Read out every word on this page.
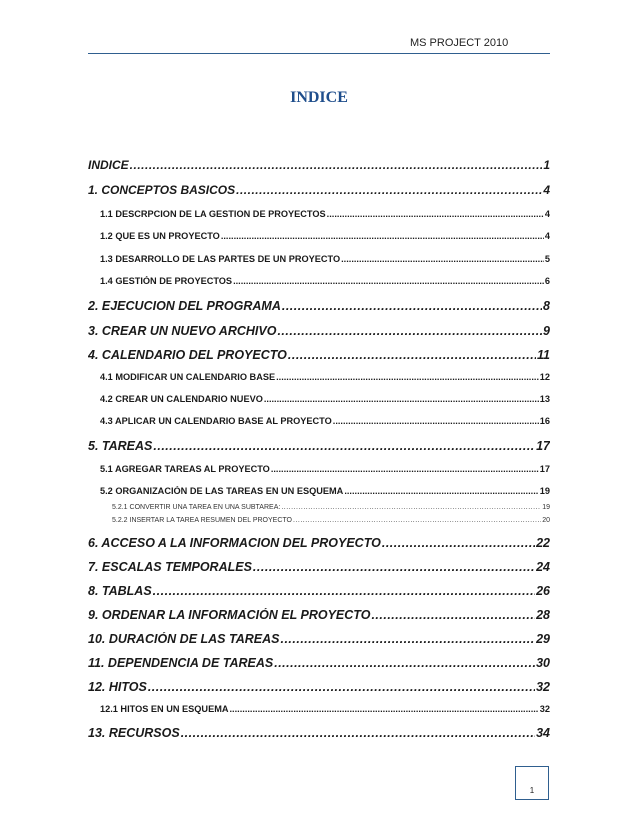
MS PROJECT 2010
INDICE
INDICE .....	1
1. CONCEPTOS BASICOS .....	4
1.1 DESCRPCION DE LA GESTION DE PROYECTOS .....	4
1.2 QUE ES UN PROYECTO .....	4
1.3 DESARROLLO DE LAS PARTES DE UN PROYECTO .....	5
1.4 GESTIÓN DE PROYECTOS .....	6
2. EJECUCION DEL PROGRAMA .....	8
3. CREAR UN NUEVO ARCHIVO .....	9
4. CALENDARIO DEL PROYECTO .....	11
4.1 MODIFICAR UN CALENDARIO BASE .....	12
4.2 CREAR UN CALENDARIO NUEVO .....	13
4.3 APLICAR UN CALENDARIO BASE AL PROYECTO .....	16
5. TAREAS .....	17
5.1 AGREGAR TAREAS AL PROYECTO .....	17
5.2 ORGANIZACIÓN DE LAS TAREAS EN UN ESQUEMA .....	19
5.2.1 CONVERTIR UNA TAREA EN UNA SUBTAREA: .....	19
5.2.2 INSERTAR LA TAREA RESUMEN DEL PROYECTO .....	20
6. ACCESO A LA INFORMACION DEL PROYECTO .....	22
7. ESCALAS TEMPORALES .....	24
8. TABLAS .....	26
9. ORDENAR LA INFORMACIÓN EL PROYECTO .....	28
10. DURACIÓN DE LAS TAREAS .....	29
11. DEPENDENCIA DE TAREAS .....	30
12. HITOS .....	32
12.1 HITOS EN UN ESQUEMA .....	32
13. RECURSOS .....	34
1
